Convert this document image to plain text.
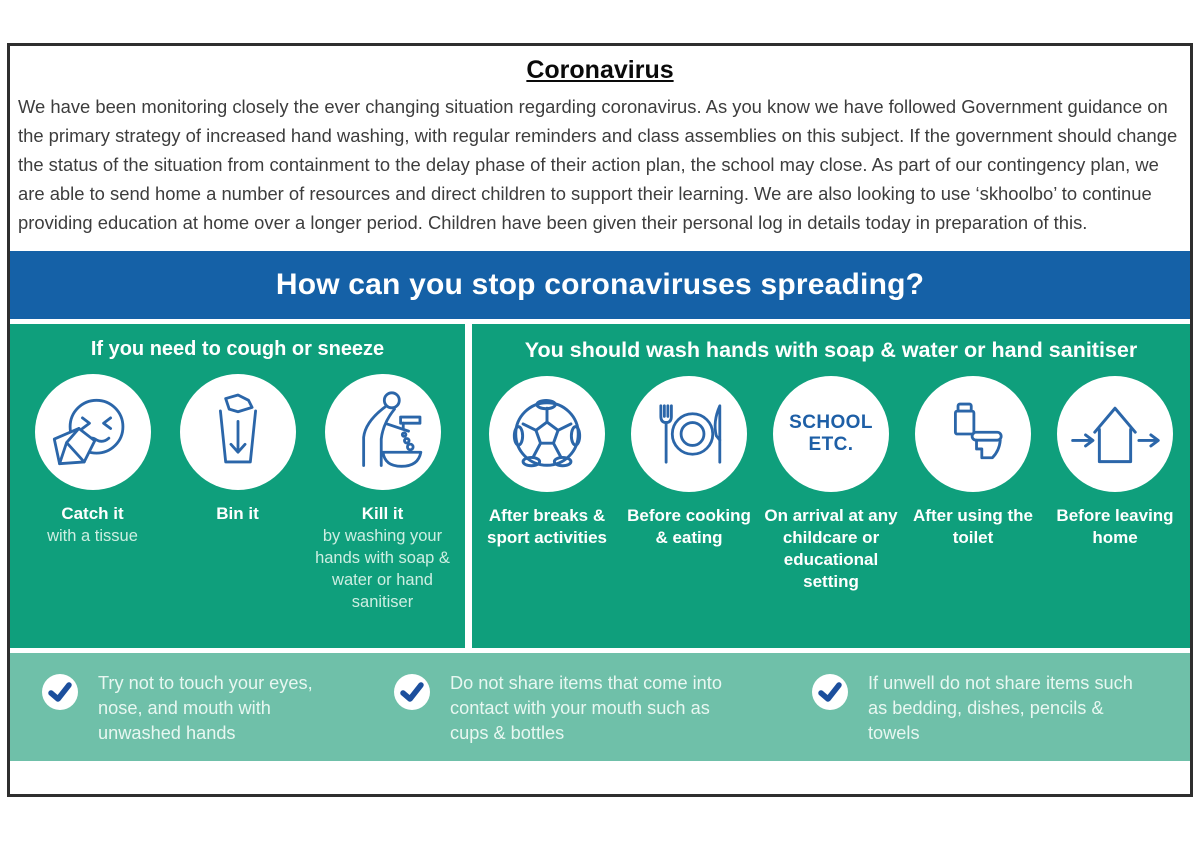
Coronavirus

We have been monitoring closely the ever changing situation regarding coronavirus. As you know we have followed Government guidance on the primary strategy of increased hand washing, with regular reminders and class assemblies on this subject. If the government should change the status of the situation from containment to the delay phase of their action plan, the school may close. As part of our contingency plan, we are able to send home a number of resources and direct children to support their learning. We are also looking to use ‘skhoolbo’ to continue providing education at home over a longer period. Children have been given their personal log in details today in preparation of this.

How can you stop coronaviruses spreading?
If you need to cough or sneeze
Catch it
with a tissue
Bin it	Kill it
by washing your hands with soap & water or hand sanitiser
You should wash hands with soap & water or hand sanitiser
After breaks & sport activities
Before cooking & eating
SCHOOL ETC.
On arrival at any childcare or educational setting
After using the toilet
Before leaving home
Try not to touch your eyes, nose, and mouth with unwashed hands
Do not share items that come into contact with your mouth such as cups & bottles
If unwell do not share items such as bedding, dishes, pencils & towels
